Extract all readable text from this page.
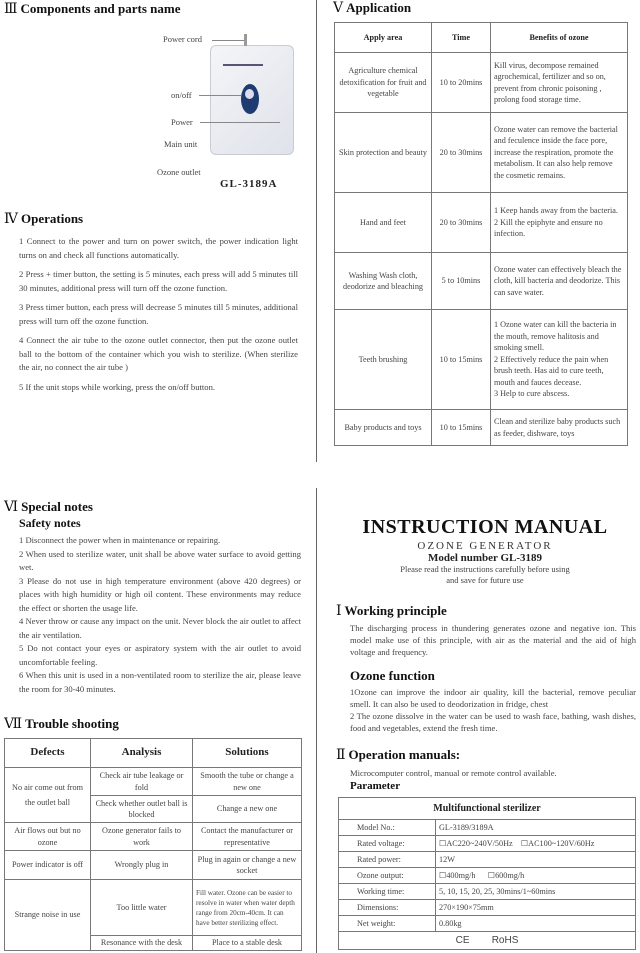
Ⅲ Components and parts name
Power cord
on/off
Power
Main unit
Ozone outlet
GL-3189A
Ⅳ Operations
1 Connect to the power and turn on power switch, the power indication light turns on and check all functions automatically.
2 Press + timer button, the setting is 5 minutes, each press will add 5 minutes till 30 minutes, additional press will turn off the ozone function.
3 Press timer button, each press will decrease 5 minutes till 5 minutes, additional press will turn off the ozone function.
4 Connect the air tube to the ozone outlet connector, then put the ozone outlet ball to the bottom of the container which you wish to sterilize. (When sterilize the air, no connect the air tube )
5 If the unit stops while working, press the on/off button.
Ⅴ Application
Apply area	Time	Benefits of ozone
Agriculture chemical detoxification for fruit and vegetable	10 to 20mins	Kill virus, decompose remained agrochemical, fertilizer and so on, prevent from chronic poisoning , prolong food storage time.
Skin protection and beauty	20 to 30mins	Ozone water can remove the bacterial and feculence inside the face pore, increase the respiration, promote the metabolism. It can also help remove the cosmetic remains.
Hand and feet	20 to 30mins	1 Keep hands away from the bacteria.
2 Kill the epiphyte and ensure no infection.
Washing Wash cloth, deodorize and bleaching	5 to 10mins	Ozone water can effectively bleach the cloth, kill bacteria and deodorize. This can save water.
Teeth brushing	10 to 15mins	1 Ozone water can kill the bacteria in the mouth, remove halitosis and smoking smell.
2 Effectively reduce the pain when brush teeth. Has aid to cure teeth, mouth and fauces decease.
3 Help to cure abscess.
Baby products and toys	10 to 15mins	Clean and sterilize baby products such as feeder, dishware, toys
Ⅵ Special notes
Safety notes
1 Disconnect the power when in maintenance or repairing.
2 When used to sterilize water, unit shall be above water surface to avoid getting wet.
3 Please do not use in high temperature environment (above 420 degrees) or places with high humidity or high oil content. These environments may reduce the effect or shorten the usage life.
4 Never throw or cause any impact on the unit. Never block the air outlet to affect the air ventilation.
5 Do not contact your eyes or aspiratory system with the air outlet to avoid uncomfortable feeling.
6 When this unit is used in a non-ventilated room to sterilize the air, please leave the room for 30-40 minutes.
Ⅶ Trouble shooting
Defects	Analysis	Solutions
No air come out from the outlet ball	Check air tube leakage or fold	Smooth the tube or change a new one
	Check whether outlet ball is blocked	Change a new one
Air flows out but no ozone	Ozone generator fails to work	Contact the manufacturer or representative
Power indicator is off	Wrongly plug in	Plug in again or change a new socket
Strange noise in use	Too little water	Fill water. Ozone can be easier to resolve in water when water depth range from 20cm-40cm. It can have better sterilizing effect.
	Resonance with the desk	Place to a stable desk
INSTRUCTION MANUAL
OZONE GENERATOR
Model number GL-3189
Please read the instructions carefully before using
and save for future use
Ⅰ Working principle
The discharging process in thundering generates ozone and negative ion. This model make use of this principle, with air as the material and the aid of high voltage and frequency.
Ozone function
1Ozone can improve the indoor air quality, kill the bacterial, remove peculiar smell. It can also be used to deodorization in fridge, chest
2 The ozone dissolve in the water can be used to wash face, bathing, wash dishes, food and vegetables, extend the fresh time.
Ⅱ Operation manuals:
Microcomputer control, manual or remote control available.
Parameter
Multifunctional sterilizer	
Model No.:	GL-3189/3189A
Rated voltage:	☐AC220~240V/50Hz    ☐AC100~120V/60Hz
Rated power:	12W
Ozone output:	☐400mg/h      ☐600mg/h
Working time:	5, 10, 15, 20, 25, 30mins/1~60mins
Dimensions:	270×190×75mm
Net weight:	0.80kg
CE        RoHS	
